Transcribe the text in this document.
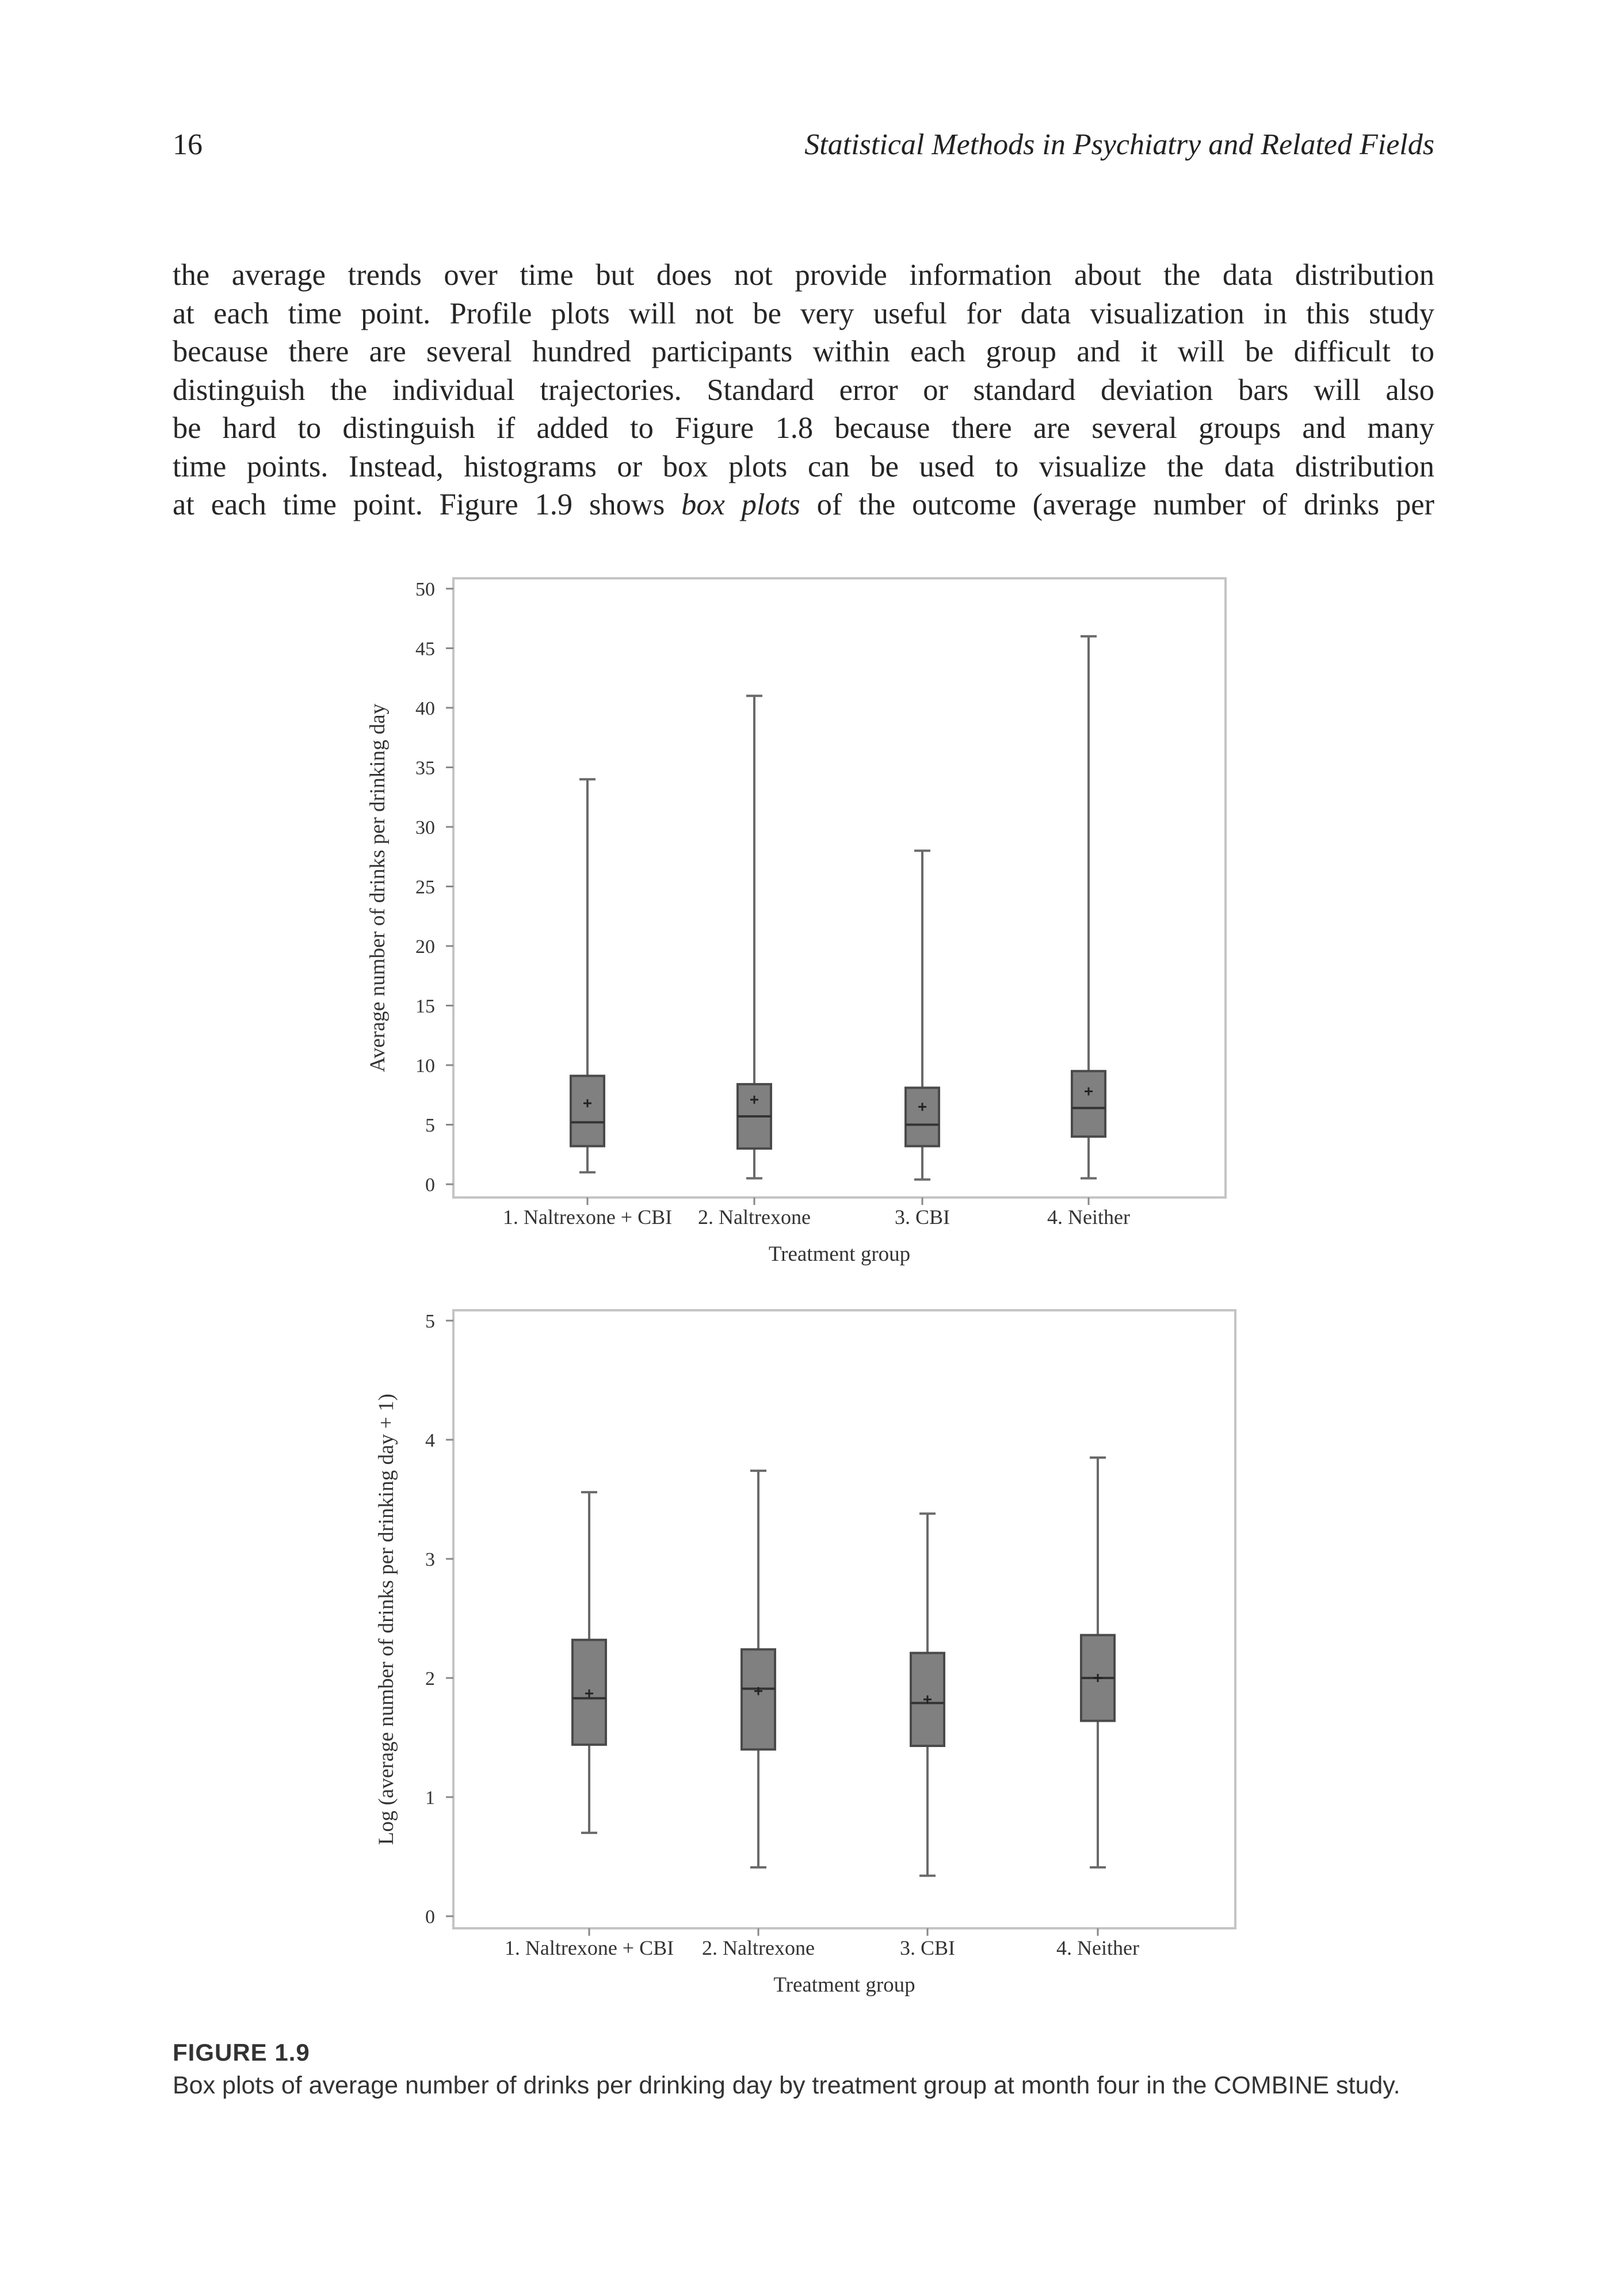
16	Statistical Methods in Psychiatry and Related Fields
the average trends over time but does not provide information about the data distribution
at each time point. Profile plots will not be very useful for data visualization in this study
because there are several hundred participants within each group and it will be difficult to
distinguish the individual trajectories. Standard error or standard deviation bars will also
be hard to distinguish if added to Figure 1.8 because there are several groups and many
time points. Instead, histograms or box plots can be used to visualize the data distribution
at each time point. Figure 1.9 shows box plots of the outcome (average number of drinks per
0
5
10
15
20
25
30
35
40
45
50
1. Naltrexone + CBI 2. Naltrexone	3. CBI	4. Neither
Treatment group
Average number of drinks per drinking day
0
1
2
3
4
5
1. Naltrexone + CBI 2. Naltrexone	3. CBI	4. Neither
Treatment group
Log (average number of drinks per drinking day + 1)
FIGURE 1.9
Box plots of average number of drinks per drinking day by treatment group at month four in the COMBINE study.
